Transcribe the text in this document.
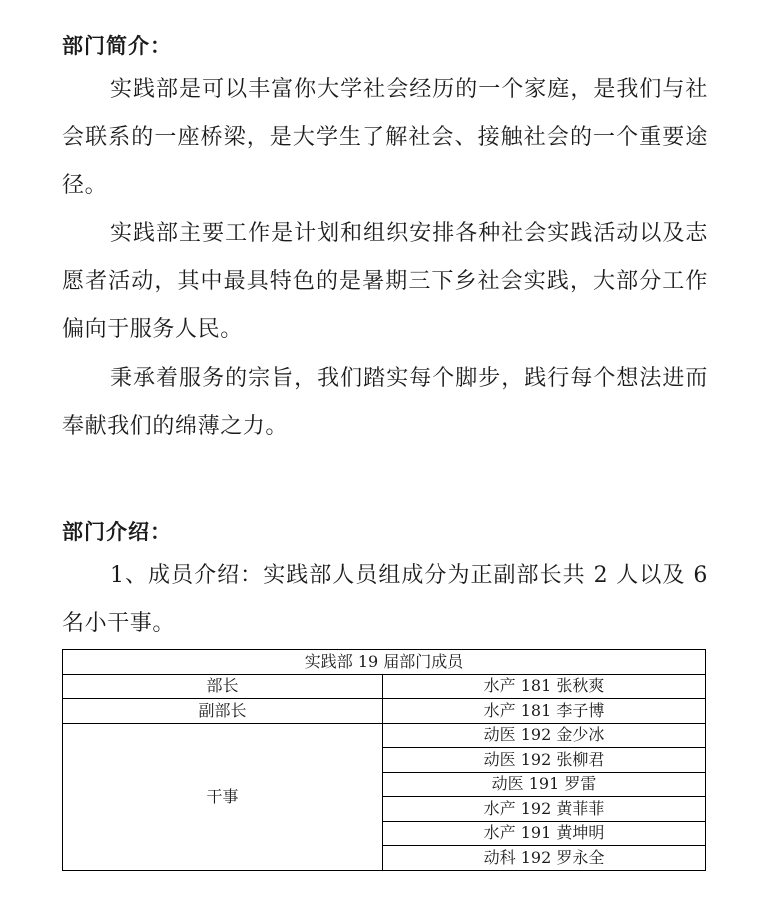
部门简介：

实践部是可以丰富你大学社会经历的一个家庭，是我们与社会联系的一座桥梁，是大学生了解社会、接触社会的一个重要途径。

实践部主要工作是计划和组织安排各种社会实践活动以及志愿者活动，其中最具特色的是暑期三下乡社会实践，大部分工作偏向于服务人民。

秉承着服务的宗旨，我们踏实每个脚步，践行每个想法进而奉献我们的绵薄之力。

部门介绍：

1、成员介绍：实践部人员组成分为正副部长共 2 人以及 6 名小干事。

实践部 19 届部门成员	
部长	水产 181 张秋爽
副部长	水产 181 李子博
干事	动医 192 金少冰
	动医 192 张柳君
	动医 191 罗雷
	水产 192 黄菲菲
	水产 191 黄坤明
	动科 192 罗永全
